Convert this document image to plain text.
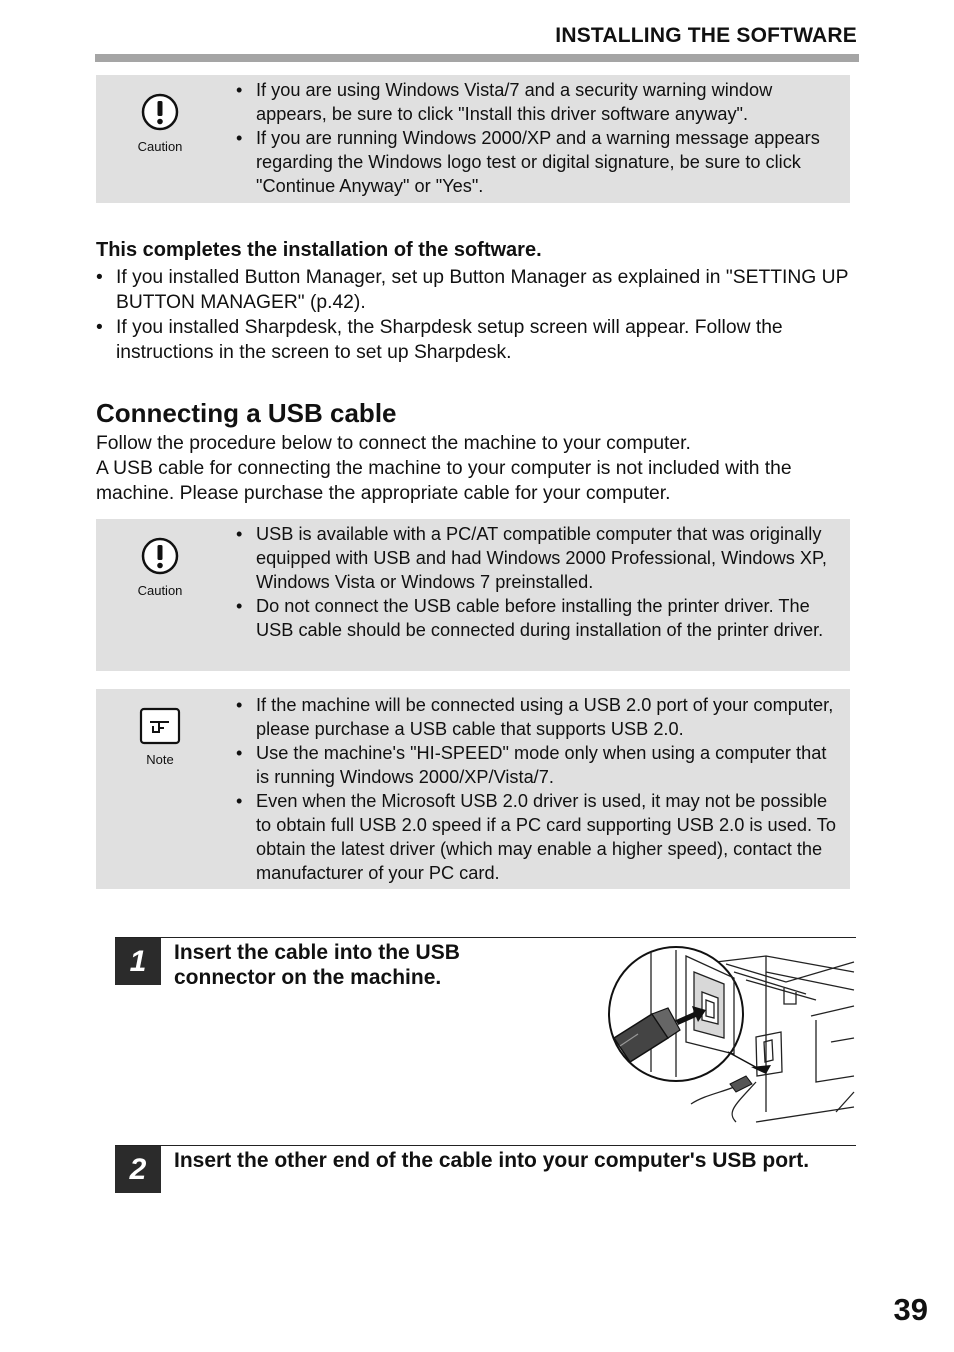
INSTALLING THE SOFTWARE
Caution
• If you are using Windows Vista/7 and a security warning window appears, be sure to click "Install this driver software anyway".
• If you are running Windows 2000/XP and a warning message appears regarding the Windows logo test or digital signature, be sure to click "Continue Anyway" or "Yes".
This completes the installation of the software.
• If you installed Button Manager, set up Button Manager as explained in "SETTING UP BUTTON MANAGER" (p.42).
• If you installed Sharpdesk, the Sharpdesk setup screen will appear. Follow the instructions in the screen to set up Sharpdesk.
Connecting a USB cable
Follow the procedure below to connect the machine to your computer.
A USB cable for connecting the machine to your computer is not included with the machine. Please purchase the appropriate cable for your computer.
Caution
• USB is available with a PC/AT compatible computer that was originally equipped with USB and had Windows 2000 Professional, Windows XP, Windows Vista or Windows 7 preinstalled.
• Do not connect the USB cable before installing the printer driver. The USB cable should be connected during installation of the printer driver.
Note
• If the machine will be connected using a USB 2.0 port of your computer, please purchase a USB cable that supports USB 2.0.
• Use the machine's "HI-SPEED" mode only when using a computer that is running Windows 2000/XP/Vista/7.
• Even when the Microsoft USB 2.0 driver is used, it may not be possible to obtain full USB 2.0 speed if a PC card supporting USB 2.0 is used. To obtain the latest driver (which may enable a higher speed), contact the manufacturer of your PC card.
1	Insert the cable into the USB connector on the machine.
2	Insert the other end of the cable into your computer's USB port.
39
